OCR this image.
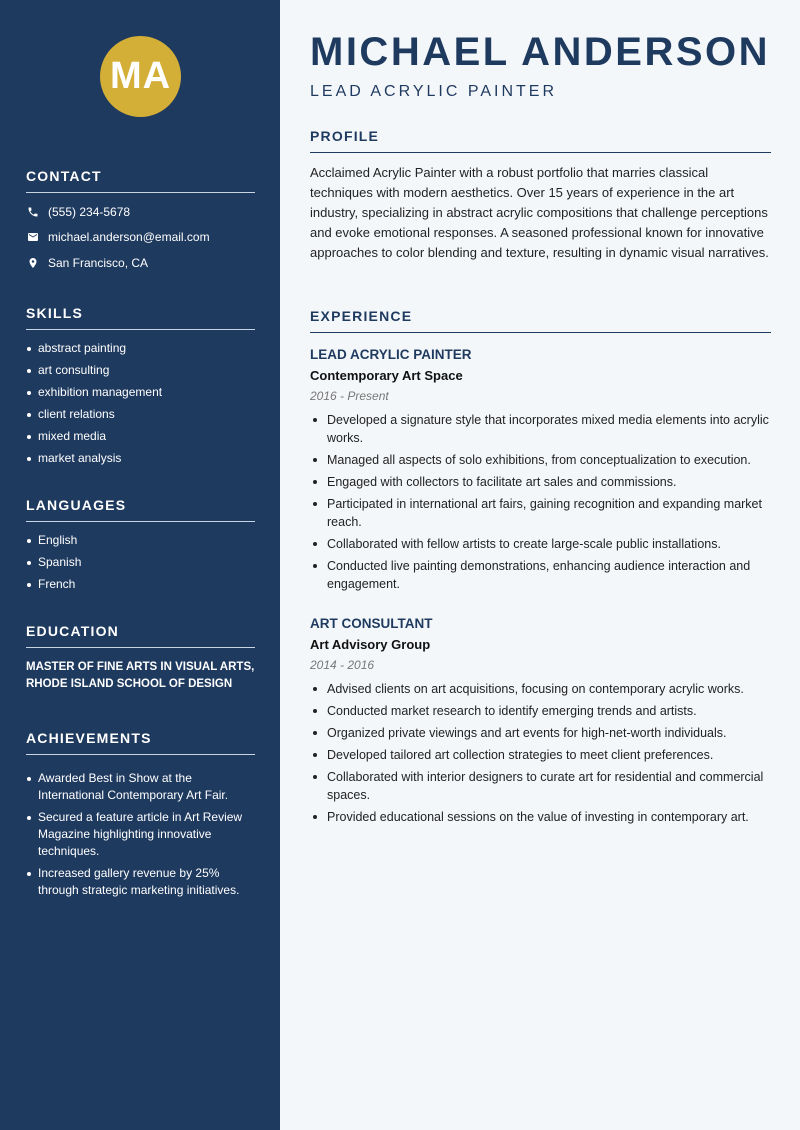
MA
CONTACT
(555) 234-5678
michael.anderson@email.com
San Francisco, CA
SKILLS
abstract painting
art consulting
exhibition management
client relations
mixed media
market analysis
LANGUAGES
English
Spanish
French
EDUCATION
MASTER OF FINE ARTS IN VISUAL ARTS, RHODE ISLAND SCHOOL OF DESIGN
ACHIEVEMENTS
Awarded Best in Show at the International Contemporary Art Fair.
Secured a feature article in Art Review Magazine highlighting innovative techniques.
Increased gallery revenue by 25% through strategic marketing initiatives.
MICHAEL ANDERSON
LEAD ACRYLIC PAINTER
PROFILE
Acclaimed Acrylic Painter with a robust portfolio that marries classical techniques with modern aesthetics. Over 15 years of experience in the art industry, specializing in abstract acrylic compositions that challenge perceptions and evoke emotional responses. A seasoned professional known for innovative approaches to color blending and texture, resulting in dynamic visual narratives.
EXPERIENCE
LEAD ACRYLIC PAINTER
Contemporary Art Space
2016 - Present
Developed a signature style that incorporates mixed media elements into acrylic works.
Managed all aspects of solo exhibitions, from conceptualization to execution.
Engaged with collectors to facilitate art sales and commissions.
Participated in international art fairs, gaining recognition and expanding market reach.
Collaborated with fellow artists to create large-scale public installations.
Conducted live painting demonstrations, enhancing audience interaction and engagement.
ART CONSULTANT
Art Advisory Group
2014 - 2016
Advised clients on art acquisitions, focusing on contemporary acrylic works.
Conducted market research to identify emerging trends and artists.
Organized private viewings and art events for high-net-worth individuals.
Developed tailored art collection strategies to meet client preferences.
Collaborated with interior designers to curate art for residential and commercial spaces.
Provided educational sessions on the value of investing in contemporary art.
